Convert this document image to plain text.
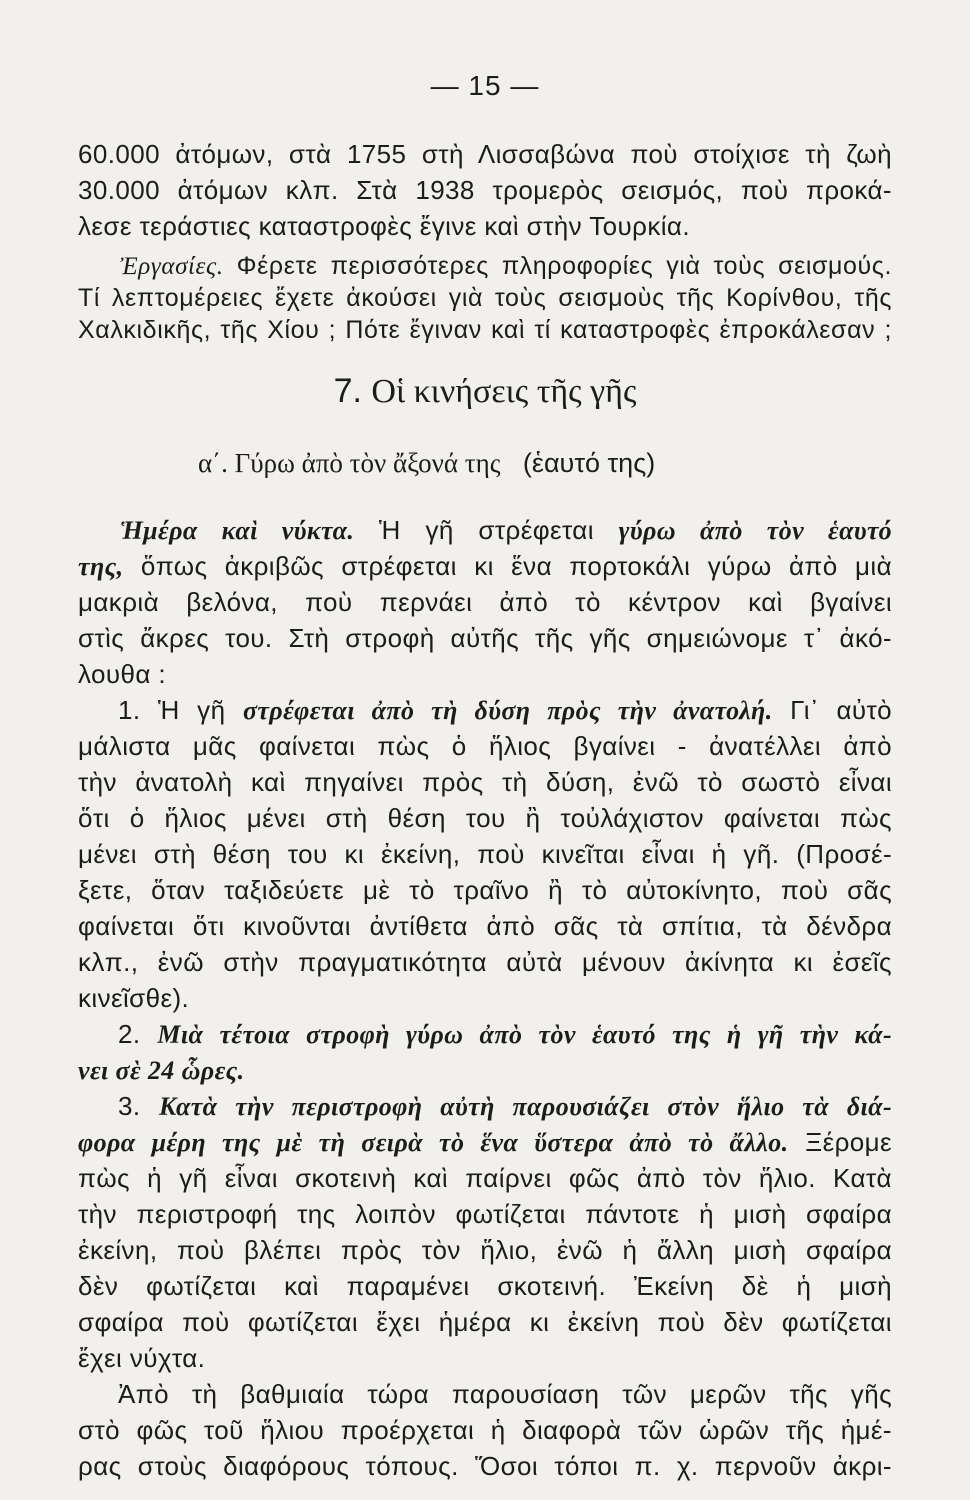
— 15 —
60.000 ἀτόμων, στὰ 1755 στὴ Λισσαβώνα ποὺ στοίχισε τὴ ζωὴ
30.000 ἀτόμων κλπ. Στὰ 1938 τρομερὸς σεισμός, ποὺ προκά-
λεσε τεράστιες καταστροφὲς ἔγινε καὶ στὴν Τουρκία.
Ἐργασίες. Φέρετε περισσότερες πληροφορίες γιὰ τοὺς σεισμούς.
Τί λεπτομέρειες ἔχετε ἀκούσει γιὰ τοὺς σεισμοὺς τῆς Κορίνθου, τῆς
Χαλκιδικῆς, τῆς Χίου ; Πότε ἔγιναν καὶ τί καταστροφὲς ἐπροκάλεσαν ;
7. Οἱ κινήσεις τῆς γῆς
α΄. Γύρω ἀπὸ τὸν ἄξονά της (ἑαυτό της)
Ἡμέρα καὶ νύκτα. Ἡ γῆ στρέφεται γύρω ἀπὸ τὸν ἑαυτό
της, ὅπως ἀκριβῶς στρέφεται κι ἕνα πορτοκάλι γύρω ἀπὸ μιὰ
μακριὰ βελόνα, ποὺ περνάει ἀπὸ τὸ κέντρον καὶ βγαίνει
στὶς ἄκρες του. Στὴ στροφὴ αὐτῆς τῆς γῆς σημειώνομε τ᾽ ἀκό-
λουθα :
1. Ἡ γῆ στρέφεται ἀπὸ τὴ δύση πρὸς τὴν ἀνατολή. Γι᾽ αὐτὸ
μάλιστα μᾶς φαίνεται πὼς ὁ ἥλιος βγαίνει - ἀνατέλλει ἀπὸ
τὴν ἀνατολὴ καὶ πηγαίνει πρὸς τὴ δύση, ἐνῶ τὸ σωστὸ εἶναι
ὅτι ὁ ἥλιος μένει στὴ θέση του ἢ τοὐλάχιστον φαίνεται πὼς
μένει στὴ θέση του κι ἐκείνη, ποὺ κινεῖται εἶναι ἡ γῆ. (Προσέ-
ξετε, ὅταν ταξιδεύετε μὲ τὸ τραῖνο ἢ τὸ αὐτοκίνητο, ποὺ σᾶς
φαίνεται ὅτι κινοῦνται ἀντίθετα ἀπὸ σᾶς τὰ σπίτια, τὰ δένδρα
κλπ., ἐνῶ στὴν πραγματικότητα αὐτὰ μένουν ἀκίνητα κι ἐσεῖς
κινεῖσθε).
2. Μιὰ τέτοια στροφὴ γύρω ἀπὸ τὸν ἑαυτό της ἡ γῆ τὴν κά-
νει σὲ 24 ὧρες.
3. Κατὰ τὴν περιστροφὴ αὐτὴ παρουσιάζει στὸν ἥλιο τὰ διά-
φορα μέρη της μὲ τὴ σειρὰ τὸ ἕνα ὕστερα ἀπὸ τὸ ἄλλο. Ξέρομε
πὼς ἡ γῆ εἶναι σκοτεινὴ καὶ παίρνει φῶς ἀπὸ τὸν ἥλιο. Κατὰ
τὴν περιστροφή της λοιπὸν φωτίζεται πάντοτε ἡ μισὴ σφαίρα
ἐκείνη, ποὺ βλέπει πρὸς τὸν ἥλιο, ἐνῶ ἡ ἄλλη μισὴ σφαίρα
δὲν φωτίζεται καὶ παραμένει σκοτεινή. Ἐκείνη δὲ ἡ μισὴ
σφαίρα ποὺ φωτίζεται ἔχει ἡμέρα κι ἐκείνη ποὺ δὲν φωτίζεται
ἔχει νύχτα.
Ἀπὸ τὴ βαθμιαία τώρα παρουσίαση τῶν μερῶν τῆς γῆς
στὸ φῶς τοῦ ἥλιου προέρχεται ἡ διαφορὰ τῶν ὡρῶν τῆς ἡμέ-
ρας στοὺς διαφόρους τόπους. Ὅσοι τόποι π. χ. περνοῦν ἀκρι-
